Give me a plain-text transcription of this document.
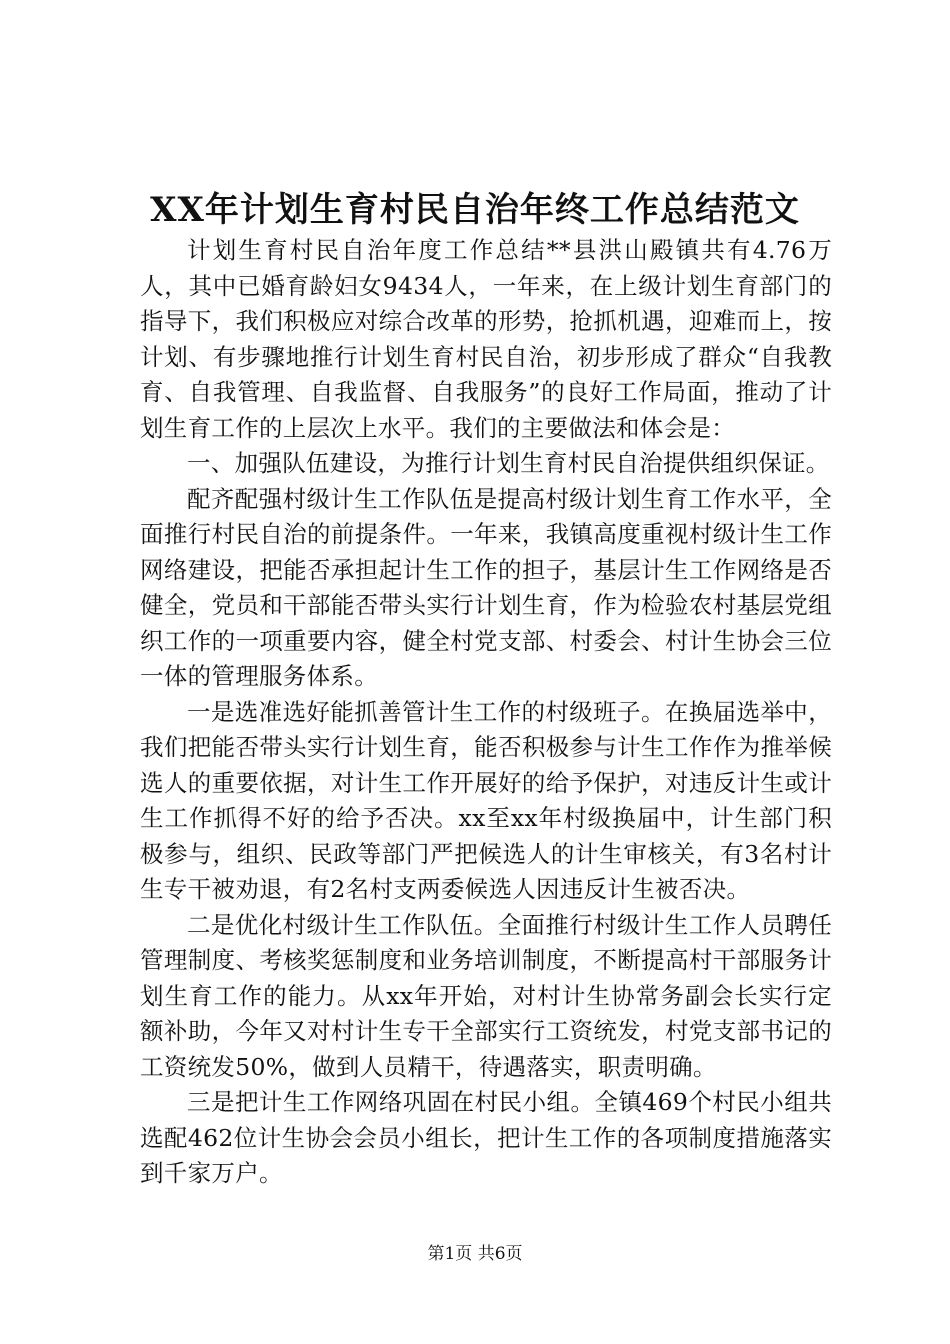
XX年计划生育村民自治年终工作总结范文

计划生育村民自治年度工作总结**县洪山殿镇共有4.76万人，其中已婚育龄妇女9434人，一年来，在上级计划生育部门的指导下，我们积极应对综合改革的形势，抢抓机遇，迎难而上，按计划、有步骤地推行计划生育村民自治，初步形成了群众“自我教育、自我管理、自我监督、自我服务”的良好工作局面，推动了计划生育工作的上层次上水平。我们的主要做法和体会是：

一、加强队伍建设，为推行计划生育村民自治提供组织保证。

配齐配强村级计生工作队伍是提高村级计划生育工作水平，全面推行村民自治的前提条件。一年来，我镇高度重视村级计生工作网络建设，把能否承担起计生工作的担子，基层计生工作网络是否健全，党员和干部能否带头实行计划生育，作为检验农村基层党组织工作的一项重要内容，健全村党支部、村委会、村计生协会三位一体的管理服务体系。

一是选准选好能抓善管计生工作的村级班子。在换届选举中，我们把能否带头实行计划生育，能否积极参与计生工作作为推举候选人的重要依据，对计生工作开展好的给予保护，对违反计生或计生工作抓得不好的给予否决。xx至xx年村级换届中，计生部门积极参与，组织、民政等部门严把候选人的计生审核关，有3名村计生专干被劝退，有2名村支两委候选人因违反计生被否决。

二是优化村级计生工作队伍。全面推行村级计生工作人员聘任管理制度、考核奖惩制度和业务培训制度，不断提高村干部服务计划生育工作的能力。从xx年开始，对村计生协常务副会长实行定额补助，今年又对村计生专干全部实行工资统发，村党支部书记的工资统发50%，做到人员精干，待遇落实，职责明确。

三是把计生工作网络巩固在村民小组。全镇469个村民小组共选配462位计生协会会员小组长，把计生工作的各项制度措施落实到千家万户。

第1页 共6页
